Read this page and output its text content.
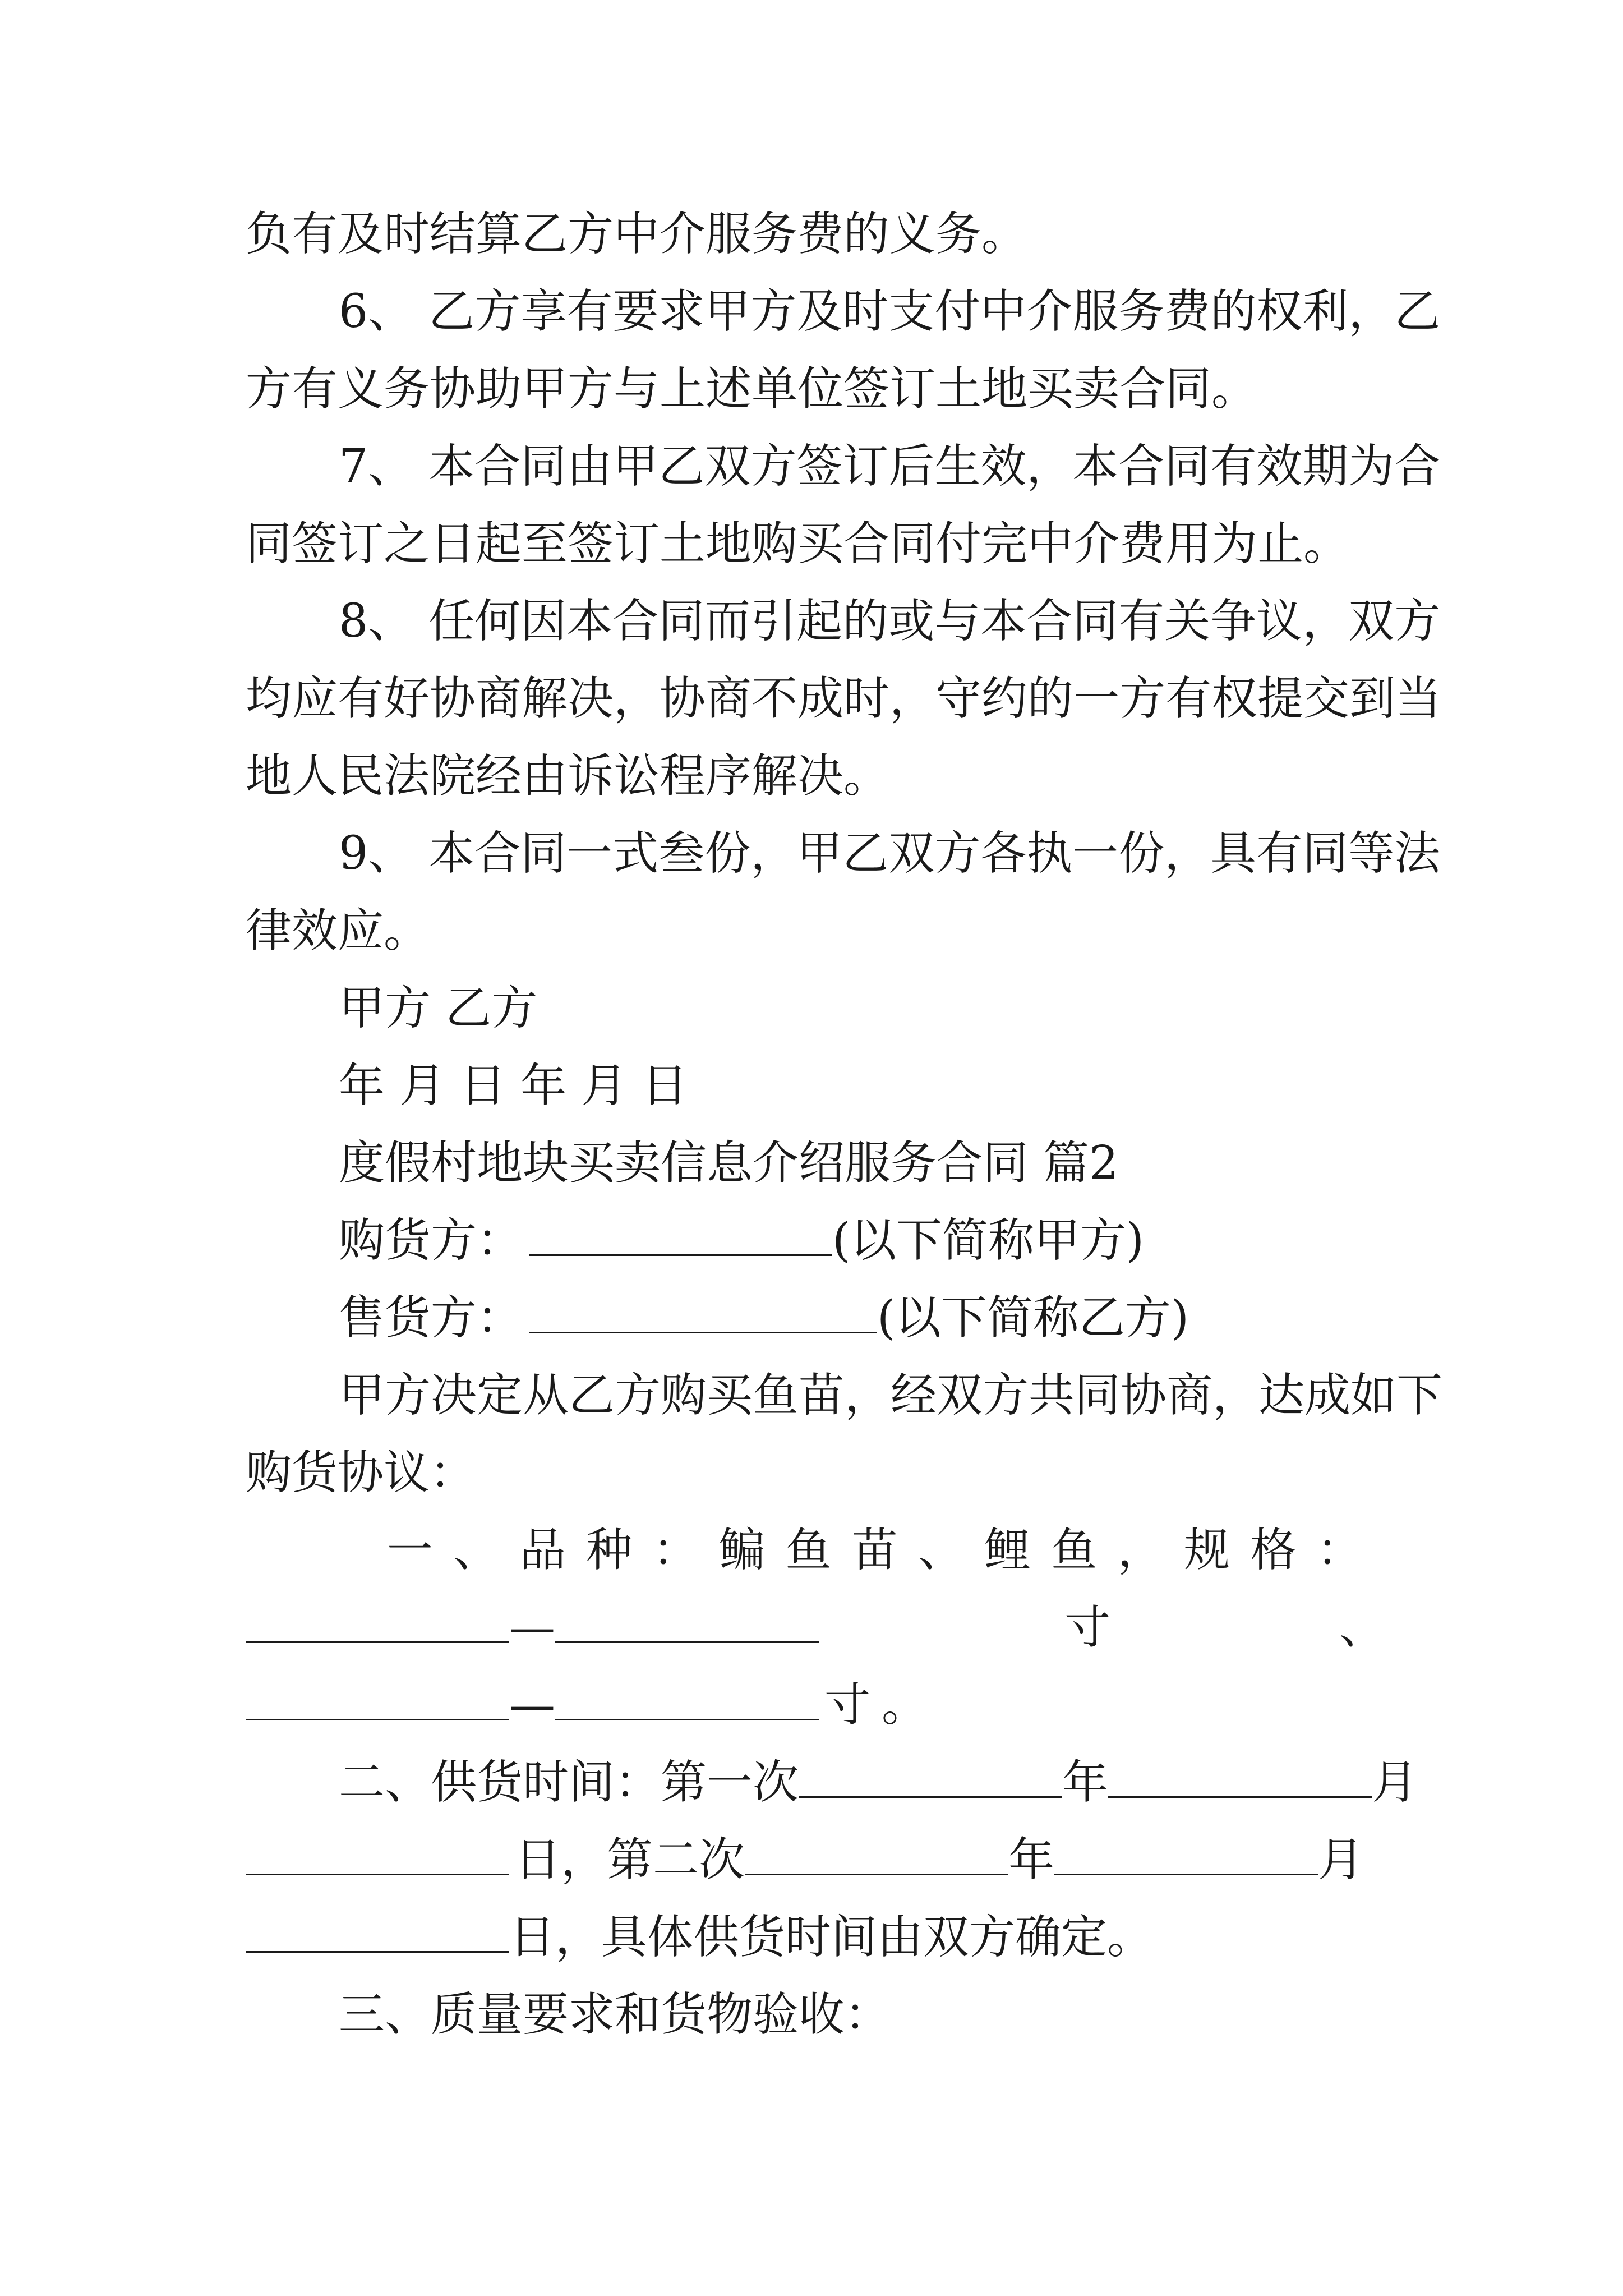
负有及时结算乙方中介服务费的义务。

6、 乙方享有要求甲方及时支付中介服务费的权利，乙

方有义务协助甲方与上述单位签订土地买卖合同。

7、 本合同由甲乙双方签订后生效，本合同有效期为合

同签订之日起至签订土地购买合同付完中介费用为止。

8、 任何因本合同而引起的或与本合同有关争议，双方

均应有好协商解决，协商不成时，守约的一方有权提交到当

地人民法院经由诉讼程序解决。

9、 本合同一式叁份，甲乙双方各执一份，具有同等法

律效应。

甲方 乙方

年 月 日 年 月 日

度假村地块买卖信息介绍服务合同 篇2

购货方：	(以下简称甲方)

售货方：	(以下简称乙方)

甲方决定从乙方购买鱼苗，经双方共同协商，达成如下

购货协议：

一 、 品 种 ： 鳊 鱼 苗 、 鲤 鱼 ， 规 格 ：

—	寸	、

—	寸 。

二、供货时间：第一次	年	月

日，第二次	年	月

日，具体供货时间由双方确定。

三、质量要求和货物验收：
